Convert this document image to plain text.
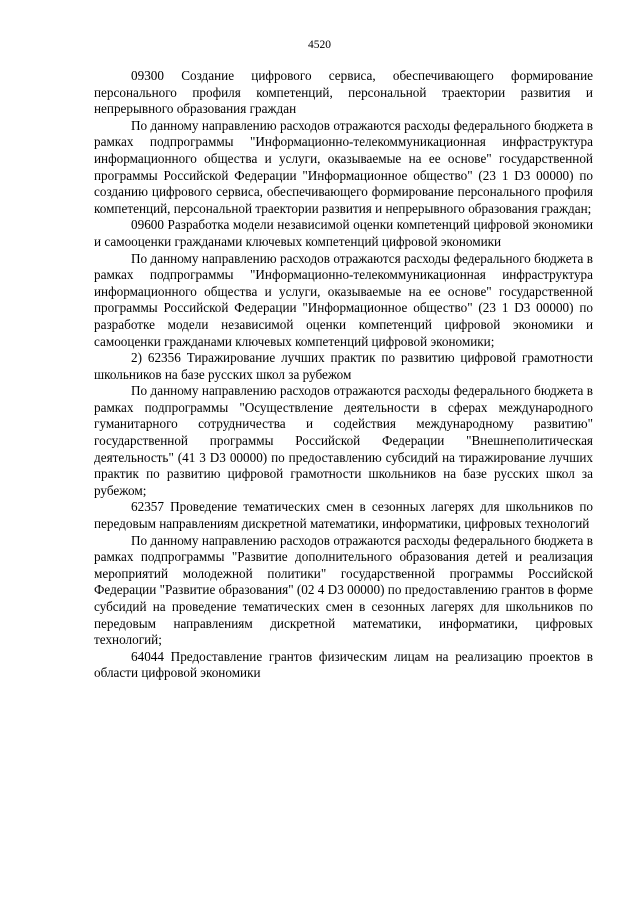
4520

09300 Создание цифрового сервиса, обеспечивающего формирование персонального профиля компетенций, персональной траектории развития и непрерывного образования граждан

По данному направлению расходов отражаются расходы федерального бюджета в рамках подпрограммы "Информационно-телекоммуникационная инфраструктура информационного общества и услуги, оказываемые на ее основе" государственной программы Российской Федерации "Информационное общество" (23 1 D3 00000) по созданию цифрового сервиса, обеспечивающего формирование персонального профиля компетенций, персональной траектории развития и непрерывного образования граждан;

09600 Разработка модели независимой оценки компетенций цифровой экономики и самооценки гражданами ключевых компетенций цифровой экономики

По данному направлению расходов отражаются расходы федерального бюджета в рамках подпрограммы "Информационно-телекоммуникационная инфраструктура информационного общества и услуги, оказываемые на ее основе" государственной программы Российской Федерации "Информационное общество" (23 1 D3 00000) по разработке модели независимой оценки компетенций цифровой экономики и самооценки гражданами ключевых компетенций цифровой экономики;

2) 62356 Тиражирование лучших практик по развитию цифровой грамотности школьников на базе русских школ за рубежом

По данному направлению расходов отражаются расходы федерального бюджета в рамках подпрограммы "Осуществление деятельности в сферах международного гуманитарного сотрудничества и содействия международному развитию" государственной программы Российской Федерации "Внешнеполитическая деятельность" (41 3 D3 00000) по предоставлению субсидий на тиражирование лучших практик по развитию цифровой грамотности школьников на базе русских школ за рубежом;

62357 Проведение тематических смен в сезонных лагерях для школьников по передовым направлениям дискретной математики, информатики, цифровых технологий

По данному направлению расходов отражаются расходы федерального бюджета в рамках подпрограммы "Развитие дополнительного образования детей и реализация мероприятий молодежной политики" государственной программы Российской Федерации "Развитие образования" (02 4 D3 00000) по предоставлению грантов в форме субсидий на проведение тематических смен в сезонных лагерях для школьников по передовым направлениям дискретной математики, информатики, цифровых технологий;

64044 Предоставление грантов физическим лицам на реализацию проектов в области цифровой экономики
